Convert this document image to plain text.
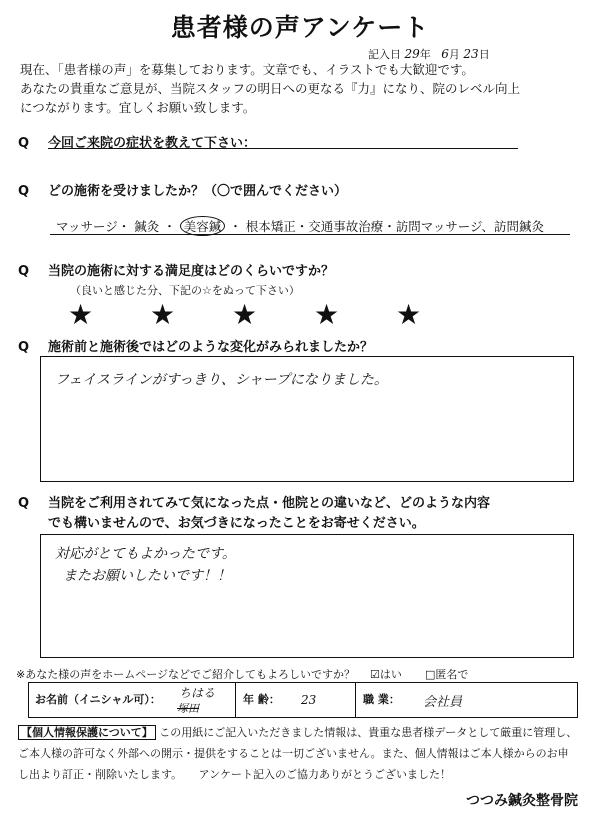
患者様の声アンケート
記入日 29年 6月 23日
現在、「患者様の声」を募集しております。文章でも、イラストでも大歓迎です。
あなたの貴重なご意見が、当院スタッフの明日への更なる『力』になり、院のレベル向上
につながります。宜しくお願い致します。
Q 今回ご来院の症状を教えて下さい：
Q どの施術を受けましたか？（〇で囲んでください）
マッサージ・ 鍼灸 ・ 美容鍼 ・ 根本矯正・交通事故治療・訪問マッサージ、訪問鍼灸
Q 当院の施術に対する満足度はどのくらいですか？
（良いと感じた分、下記の☆をぬって下さい）
★ ★ ★ ★ ★
Q 施術前と施術後ではどのような変化がみられましたか？
フェイスラインがすっきり、シャープになりました。
Q 当院をご利用されてみて気になった点・他院との違いなど、どのような内容
でも構いませんので、お気づきになったことをお寄せください。
対応がとてもよかったです。
またお願いしたいです！！
※あなた様の声をホームページなどでご紹介してもよろしいですか？ ☑はい □匿名で
お名前（イニシャル可）： ちはる
塚田
年 齢： 23	職 業： 会社員
【個人情報保護について】 この用紙にご記入いただきました情報は、貴重な患者様データとして厳重に管理し、
ご本人様の許可なく外部への開示・提供をすることは一切ございません。また、個人情報はご本人様からのお申
し出より訂正・削除いたします。　　アンケート記入のご協力ありがとうございました！
つつみ鍼灸整骨院
